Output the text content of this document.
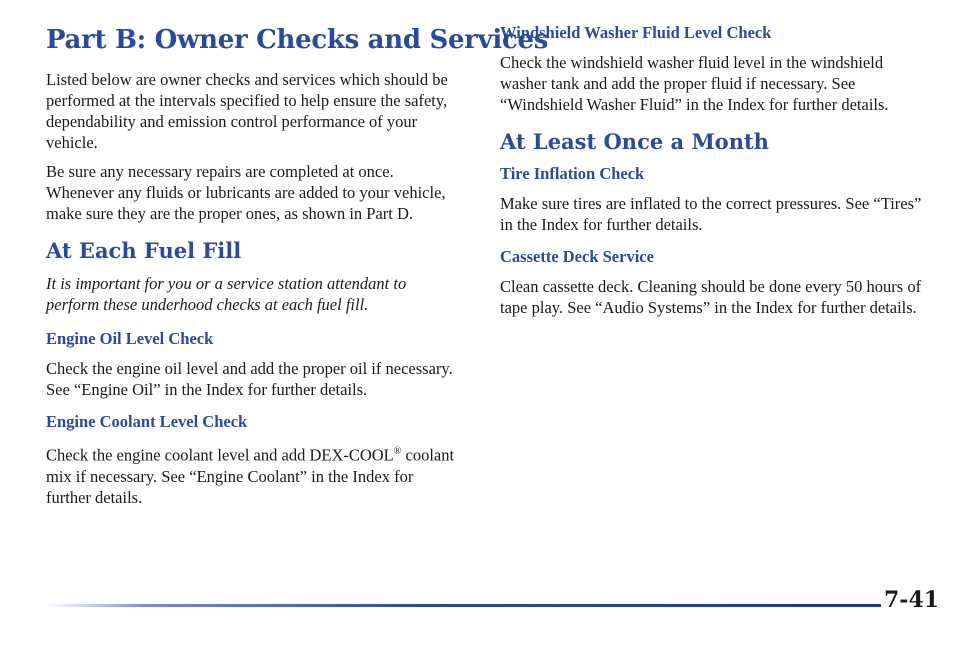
Part B: Owner Checks and Services

Listed below are owner checks and services which should be performed at the intervals specified to help ensure the safety, dependability and emission control performance of your vehicle.

Be sure any necessary repairs are completed at once. Whenever any fluids or lubricants are added to your vehicle, make sure they are the proper ones, as shown in Part D.

At Each Fuel Fill

It is important for you or a service station attendant to perform these underhood checks at each fuel fill.

Engine Oil Level Check

Check the engine oil level and add the proper oil if necessary. See “Engine Oil” in the Index for further details.

Engine Coolant Level Check

Check the engine coolant level and add DEX-COOL® coolant mix if necessary. See “Engine Coolant” in the Index for further details.

Windshield Washer Fluid Level Check

Check the windshield washer fluid level in the windshield washer tank and add the proper fluid if necessary. See “Windshield Washer Fluid” in the Index for further details.

At Least Once a Month
Tire Inflation Check

Make sure tires are inflated to the correct pressures. See “Tires” in the Index for further details.

Cassette Deck Service

Clean cassette deck. Cleaning should be done every 50 hours of tape play. See “Audio Systems” in the Index for further details.

7-41
